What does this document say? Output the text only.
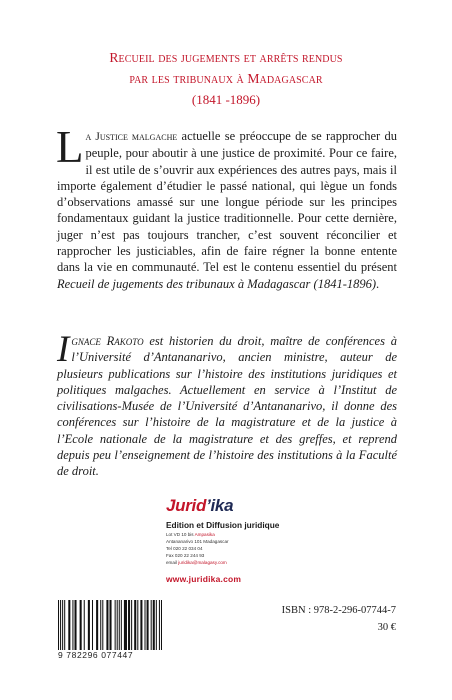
Recueil des jugements et arrêts rendus
par les tribunaux à Madagascar
(1841 -1896)
La Justice malgache actuelle se préoccupe de se rapprocher du peuple, pour aboutir à une justice de proximité. Pour ce faire, il est utile de s’ouvrir aux expériences des autres pays, mais il importe également d’étudier le passé national, qui lègue un fonds d’observations amassé sur une longue période sur les principes fondamentaux guidant la justice traditionnelle. Pour cette dernière, juger n’est pas toujours trancher, c’est souvent réconcilier et rapprocher les justiciables, afin de faire régner la bonne entente dans la vie en communauté. Tel est le contenu essentiel du présent Recueil de jugements des tribunaux à Madagascar (1841-1896).
Ignace Rakoto est historien du droit, maître de conférences à l’Université d’Antananarivo, ancien ministre, auteur de plusieurs publications sur l’histoire des institutions juridiques et politiques malgaches. Actuellement en service à l’Institut de civilisations-Musée de l’Université d’Antananarivo, il donne des conférences sur l’histoire de la magistrature et de la justice à l’Ecole nationale de la magistrature et des greffes, et reprend depuis peu l’enseignement de l’histoire des institutions à la Faculté de droit.
Jurid’ika
Edition et Diffusion juridique
Lot VD 10 bis Ampasika
Antananarivo 101 Madagascar
Tel 020 22 034 04
Fax 020 22 244 93
email juridika@malagasy.com
www.juridika.com
9 782296 077447
ISBN : 978-2-296-07744-7
30 €
